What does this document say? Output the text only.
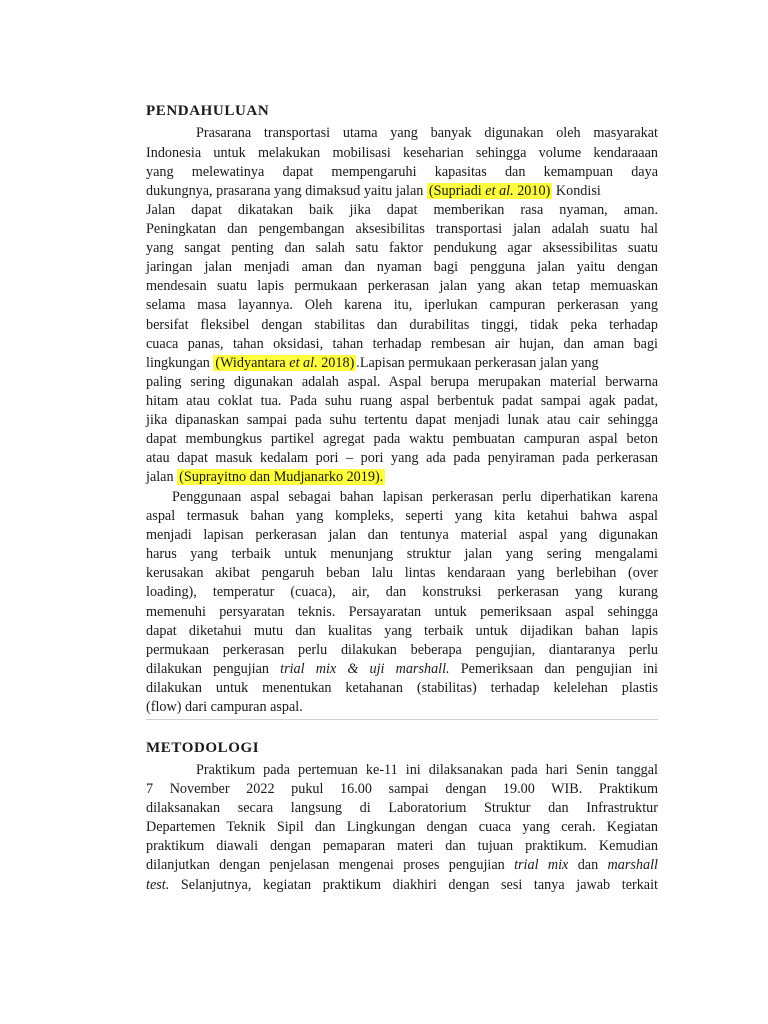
PENDAHULUAN
Prasarana transportasi utama yang banyak digunakan oleh masyarakat
Indonesia untuk melakukan mobilisasi keseharian sehingga volume kendaraaan
yang melewatinya dapat mempengaruhi kapasitas dan kemampuan daya
dukungnya, prasarana yang dimaksud yaitu jalan (Supriadi et al. 2010) Kondisi
Jalan dapat dikatakan baik jika dapat memberikan rasa nyaman, aman.
Peningkatan dan pengembangan aksesibilitas transportasi jalan adalah suatu hal
yang sangat penting dan salah satu faktor pendukung agar aksessibilitas suatu
jaringan jalan menjadi aman dan nyaman bagi pengguna jalan yaitu dengan
mendesain suatu lapis permukaan perkerasan jalan yang akan tetap memuaskan
selama masa layannya. Oleh karena itu, iperlukan campuran perkerasan yang
bersifat fleksibel dengan stabilitas dan durabilitas tinggi, tidak peka terhadap
cuaca panas, tahan oksidasi, tahan terhadap rembesan air hujan, dan aman bagi
lingkungan (Widyantara et al. 2018) .Lapisan permukaan perkerasan jalan yang
paling sering digunakan adalah aspal. Aspal berupa merupakan material berwarna
hitam atau coklat tua. Pada suhu ruang aspal berbentuk padat sampai agak padat,
jika dipanaskan sampai pada suhu tertentu dapat menjadi lunak atau cair sehingga
dapat membungkus partikel agregat pada waktu pembuatan campuran aspal beton
atau dapat masuk kedalam pori – pori yang ada pada penyiraman pada perkerasan
jalan (Suprayitno dan Mudjanarko 2019).
Penggunaan aspal sebagai bahan lapisan perkerasan perlu diperhatikan karena
aspal termasuk bahan yang kompleks, seperti yang kita ketahui bahwa aspal
menjadi lapisan perkerasan jalan dan tentunya material aspal yang digunakan
harus yang terbaik untuk menunjang struktur jalan yang sering mengalami
kerusakan akibat pengaruh beban lalu lintas kendaraan yang berlebihan (over
loading), temperatur (cuaca), air, dan konstruksi perkerasan yang kurang
memenuhi persyaratan teknis. Persayaratan untuk pemeriksaan aspal sehingga
dapat diketahui mutu dan kualitas yang terbaik untuk dijadikan bahan lapis
permukaan perkerasan perlu dilakukan beberapa pengujian, diantaranya perlu
dilakukan pengujian trial mix & uji marshall. Pemeriksaan dan pengujian ini
dilakukan untuk menentukan ketahanan (stabilitas) terhadap kelelehan plastis
(flow) dari campuran aspal.
METODOLOGI
Praktikum pada pertemuan ke-11 ini dilaksanakan pada hari Senin tanggal
7 November 2022 pukul 16.00 sampai dengan 19.00 WIB. Praktikum
dilaksanakan secara langsung di Laboratorium Struktur dan Infrastruktur
Departemen Teknik Sipil dan Lingkungan dengan cuaca yang cerah. Kegiatan
praktikum diawali dengan pemaparan materi dan tujuan praktikum. Kemudian
dilanjutkan dengan penjelasan mengenai proses pengujian trial mix dan marshall
test. Selanjutnya, kegiatan praktikum diakhiri dengan sesi tanya jawab terkait
